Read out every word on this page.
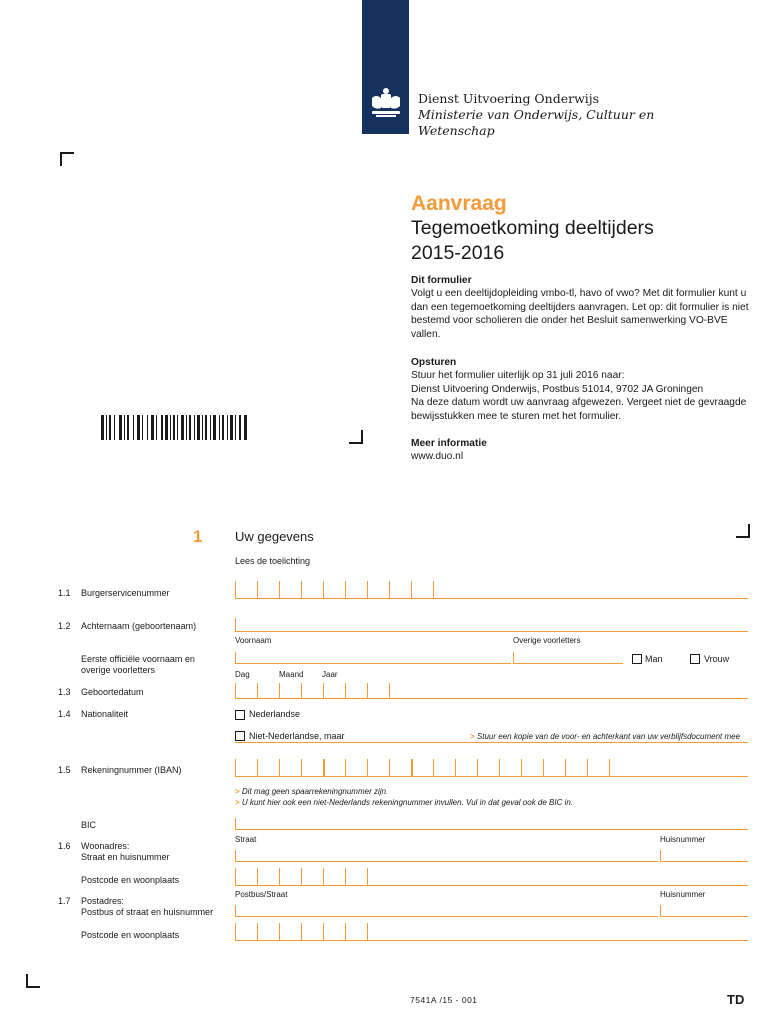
Dienst Uitvoering Onderwijs
Ministerie van Onderwijs, Cultuur en
Wetenschap
Aanvraag
Tegemoetkoming deeltijders
2015-2016
Dit formulier
Volgt u een deeltijdopleiding vmbo-tl, havo of vwo? Met dit formulier kunt u dan een tegemoetkoming deeltijders aanvragen. Let op: dit formulier is niet bestemd voor scholieren die onder het Besluit samenwerking VO-BVE vallen.
Opsturen
Stuur het formulier uiterlijk op 31 juli 2016 naar:
Dienst Uitvoering Onderwijs, Postbus 51014, 9702 JA Groningen
Na deze datum wordt uw aanvraag afgewezen. Vergeet niet de gevraagde bewijsstukken mee te sturen met het formulier.
Meer informatie
www.duo.nl
1	Uw gegevens
Lees de toelichting
1.1 Burgerservicenummer
1.2 Achternaam (geboortenaam)
Voornaam	Overige voorletters
Eerste officiële voornaam en
overige voorletters
Man	Vrouw
Dag	Maand Jaar
1.3 Geboortedatum
1.4 Nationaliteit	Nederlandse
Niet-Nederlandse, maar	> Stuur een kopie van de voor- en achterkant van uw verblijfsdocument mee
1.5 Rekeningnummer (IBAN)
> Dit mag geen spaarrekeningnummer zijn.
> U kunt hier ook een niet-Nederlands rekeningnummer invullen. Vul in dat geval ook de BIC in.
BIC
Straat	Huisnummer
1.6 Woonadres:
Straat en huisnummer
Postcode en woonplaats
Postbus/Straat	Huisnummer
1.7 Postadres:
Postbus of straat en huisnummer
Postcode en woonplaats
7541A /15 - 001	TD
